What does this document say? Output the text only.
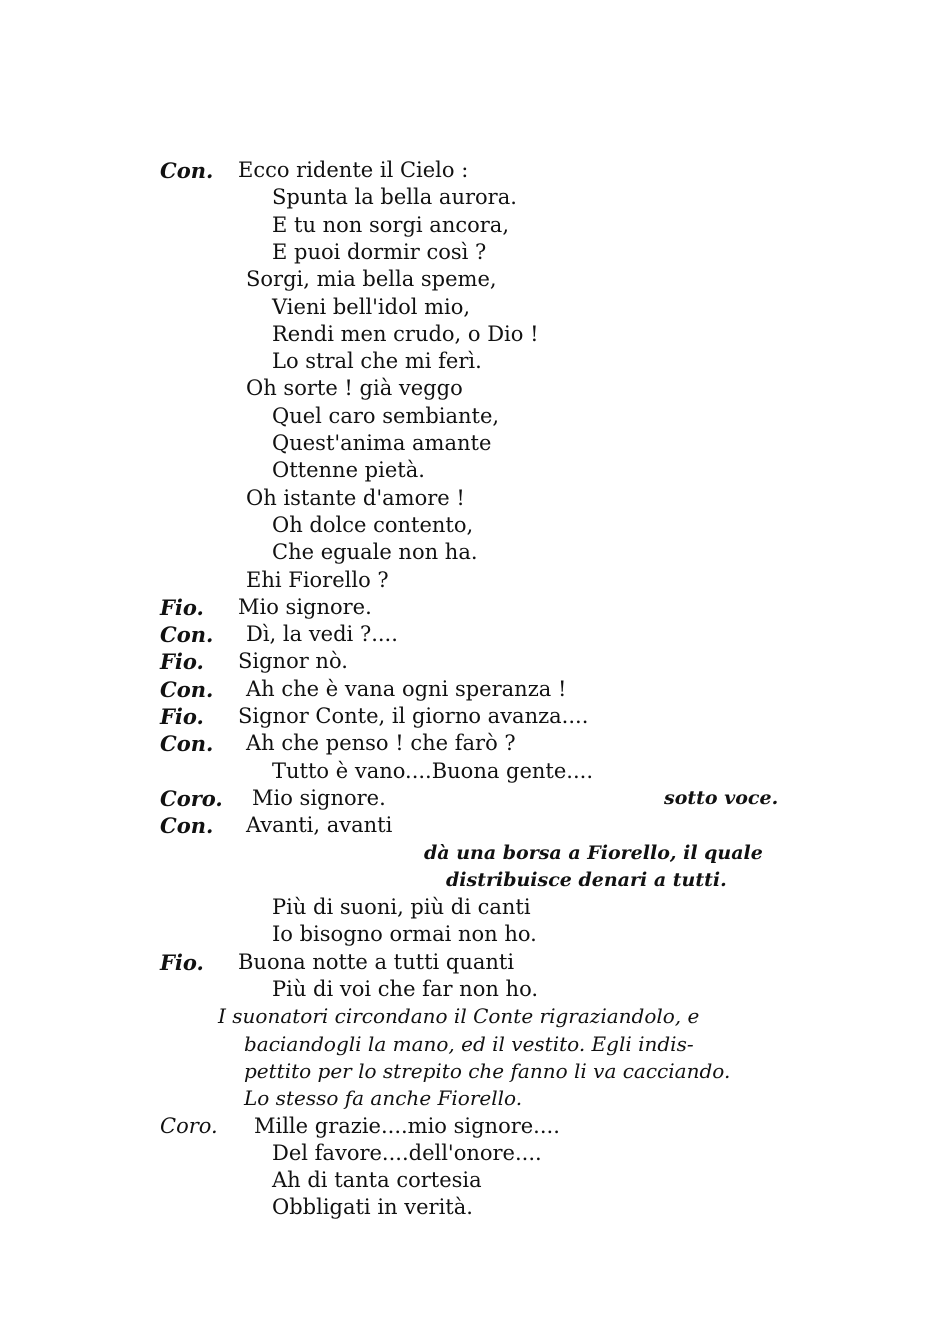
Con. Ecco ridente il Cielo :
Spunta la bella aurora.
E tu non sorgi ancora,
E puoi dormir così ?
Sorgi, mia bella speme,
Vieni bell'idol mio,
Rendi men crudo, o Dio !
Lo stral che mi ferì.
Oh sorte ! già veggo
Quel caro sembiante,
Quest'anima amante
Ottenne pietà.
Oh istante d'amore !
Oh dolce contento,
Che eguale non ha.
Ehi Fiorello ?
Fio. Mio signore.
Con. Dì, la vedi ?....
Fio. Signor nò.
Con. Ah che è vana ogni speranza !
Fio. Signor Conte, il giorno avanza....
Con. Ah che penso ! che farò ?
Tutto è vano....Buona gente....
Coro. Mio signore.	sotto voce.
Con. Avanti, avanti
dà una borsa a Fiorello, il quale
distribuisce denari a tutti.
Più di suoni, più di canti
Io bisogno ormai non ho.
Fio. Buona notte a tutti quanti
Più di voi che far non ho.
I suonatori circondano il Conte rigraziandolo, e
baciandogli la mano, ed il vestito. Egli indis-
pettito per lo strepito che fanno li va cacciando.
Lo stesso fa anche Fiorello.
Coro. Mille grazie....mio signore....
Del favore....dell'onore....
Ah di tanta cortesia
Obbligati in verità.
